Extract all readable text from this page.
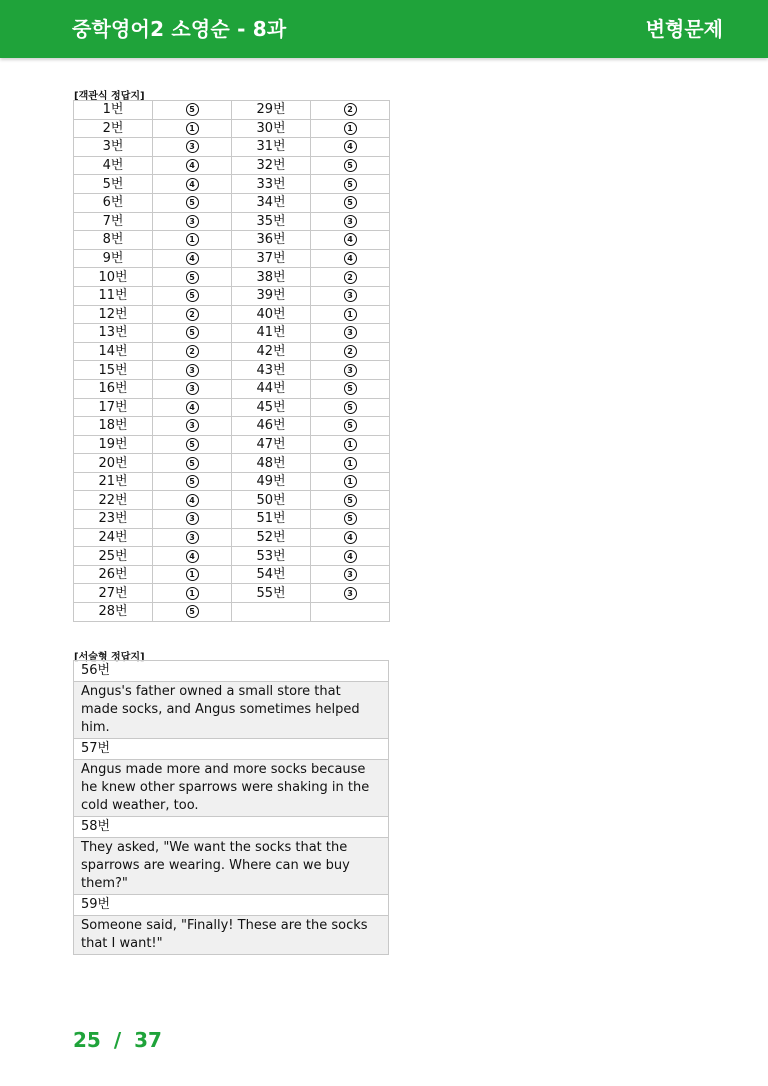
중학영어2 소영순 - 8과	변형문제
[객관식 정답지]
1번	5	29번	2
2번	1	30번	1
3번	3	31번	4
4번	4	32번	5
5번	4	33번	5
6번	5	34번	5
7번	3	35번	3
8번	1	36번	4
9번	4	37번	4
10번	5	38번	2
11번	5	39번	3
12번	2	40번	1
13번	5	41번	3
14번	2	42번	2
15번	3	43번	3
16번	3	44번	5
17번	4	45번	5
18번	3	46번	5
19번	5	47번	1
20번	5	48번	1
21번	5	49번	1
22번	4	50번	5
23번	3	51번	5
24번	3	52번	4
25번	4	53번	4
26번	1	54번	3
27번	1	55번	3
28번	5		
[서술형 정답지]
56번
Angus's father owned a small store that made socks, and Angus sometimes helped him.
57번
Angus made more and more socks because he knew other sparrows were shaking in the cold weather, too.
58번
They asked, "We want the socks that the sparrows are wearing. Where can we buy them?"
59번
Someone said, "Finally! These are the socks that I want!"
25 / 37
